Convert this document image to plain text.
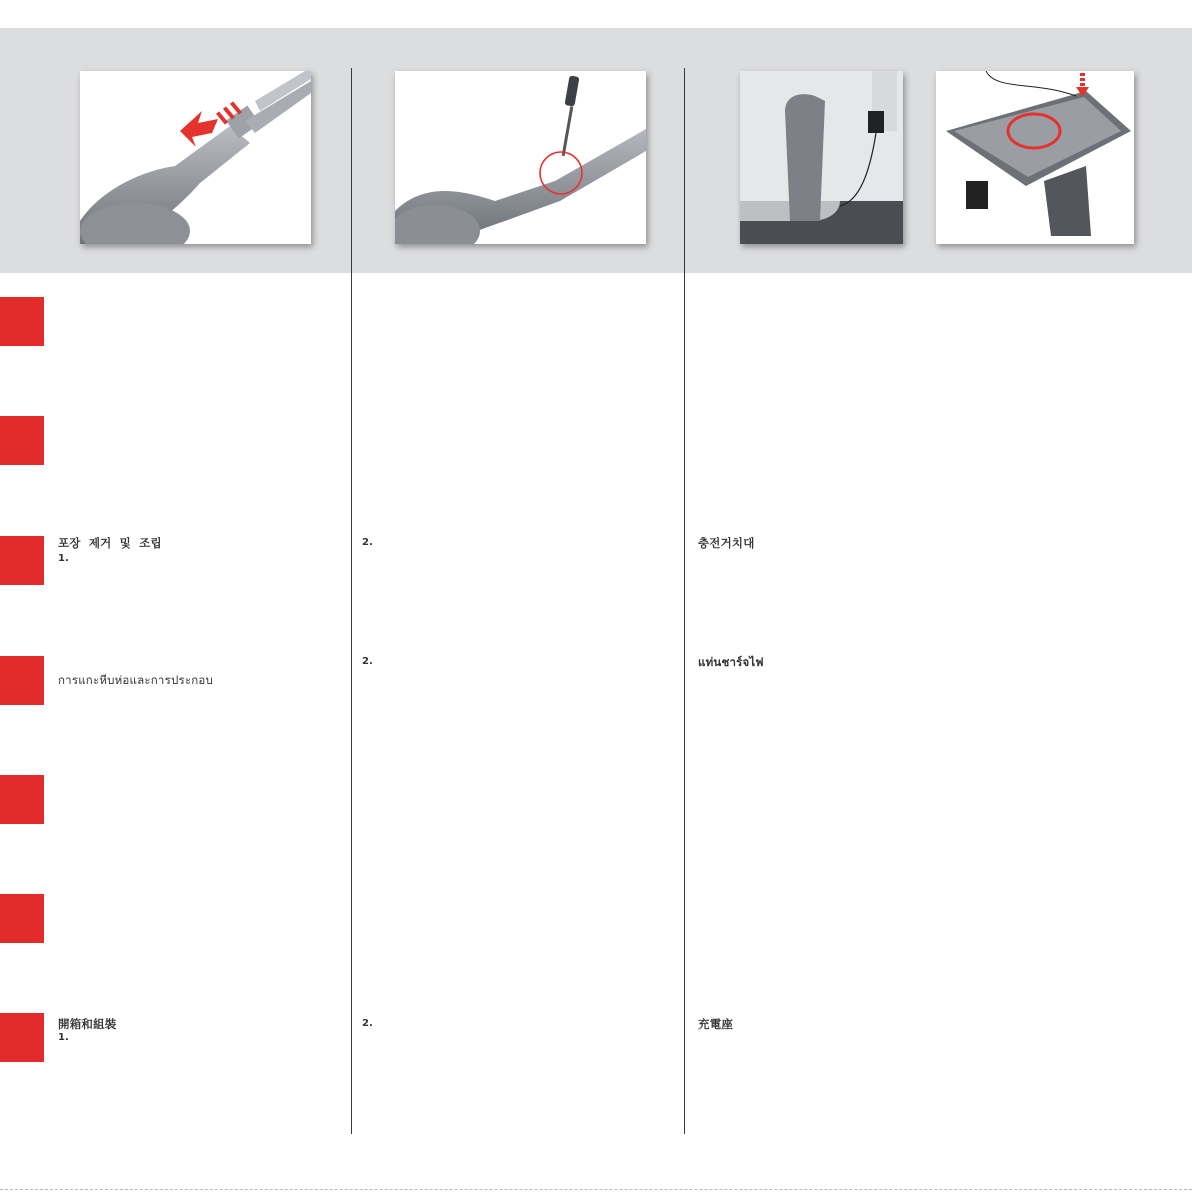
포장 제거 및 조립
1.
การแกะหีบห่อและการประกอบ
開箱和組裝
1.
2.
2.
2.
충전거치대
แท่นชาร์จไฟ
充電座
